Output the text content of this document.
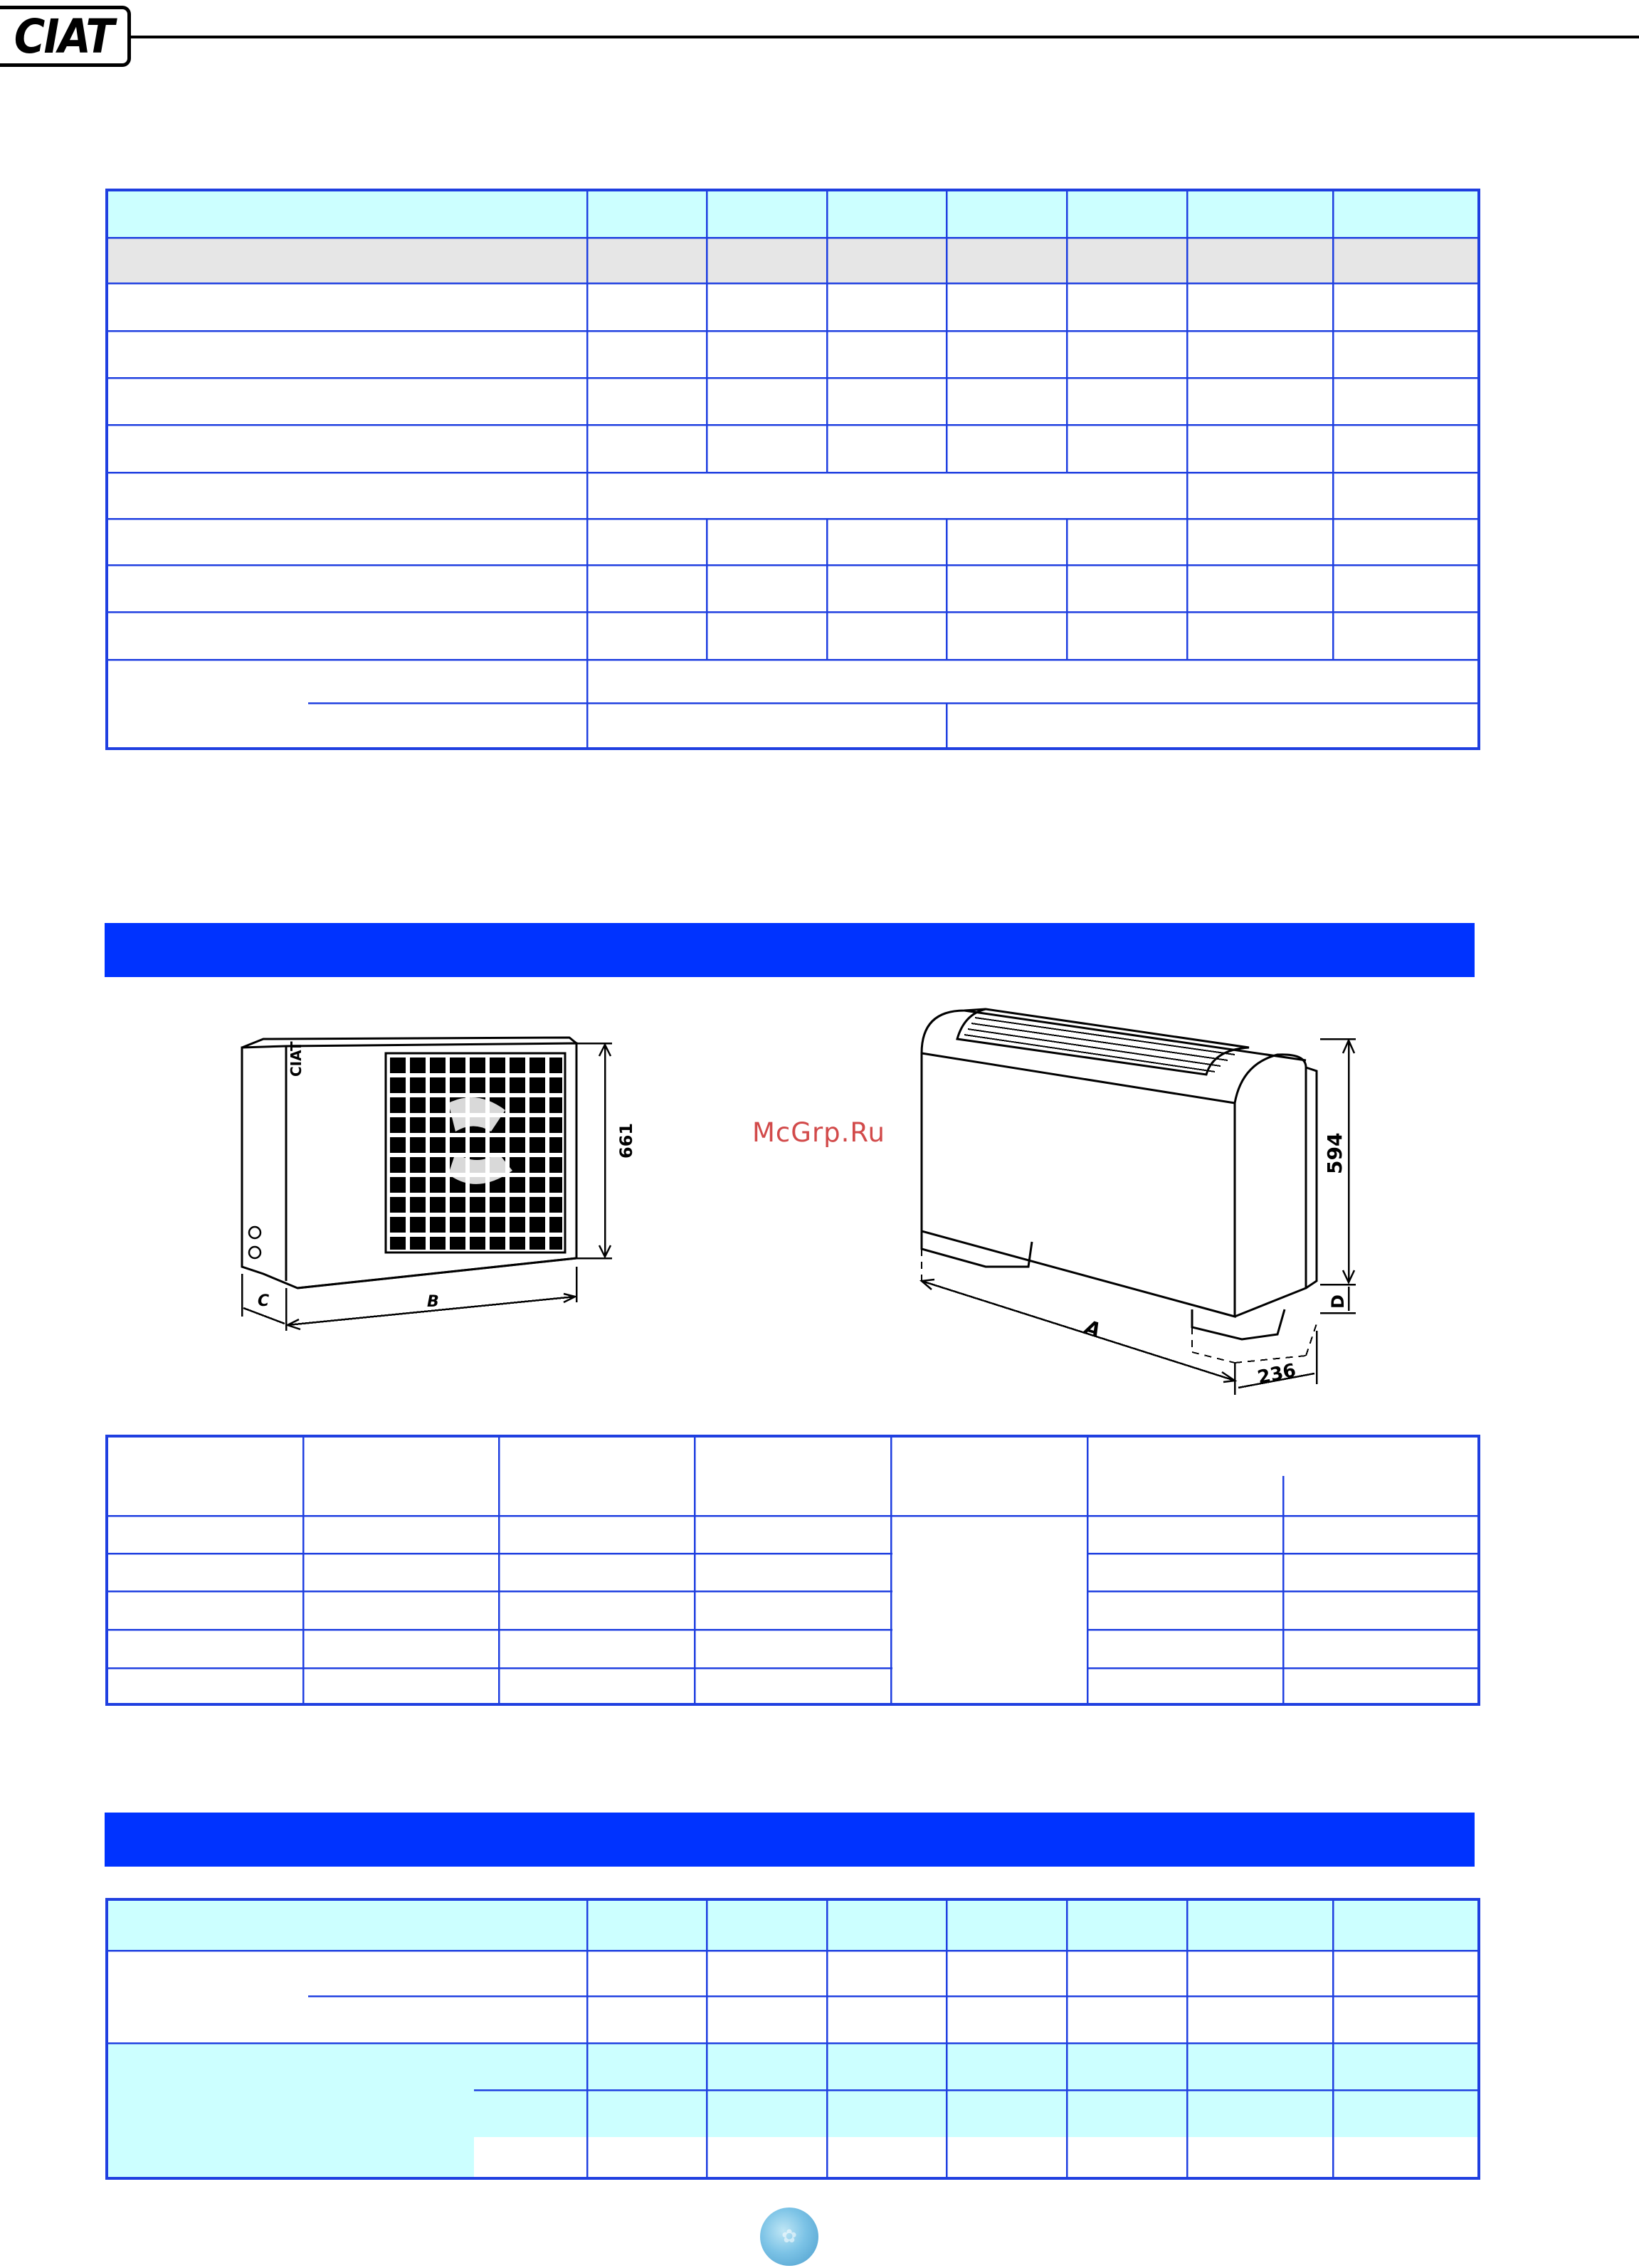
CIAT
CIAT
661
B
C
594
D
A
236
McGrp.Ru
✿
